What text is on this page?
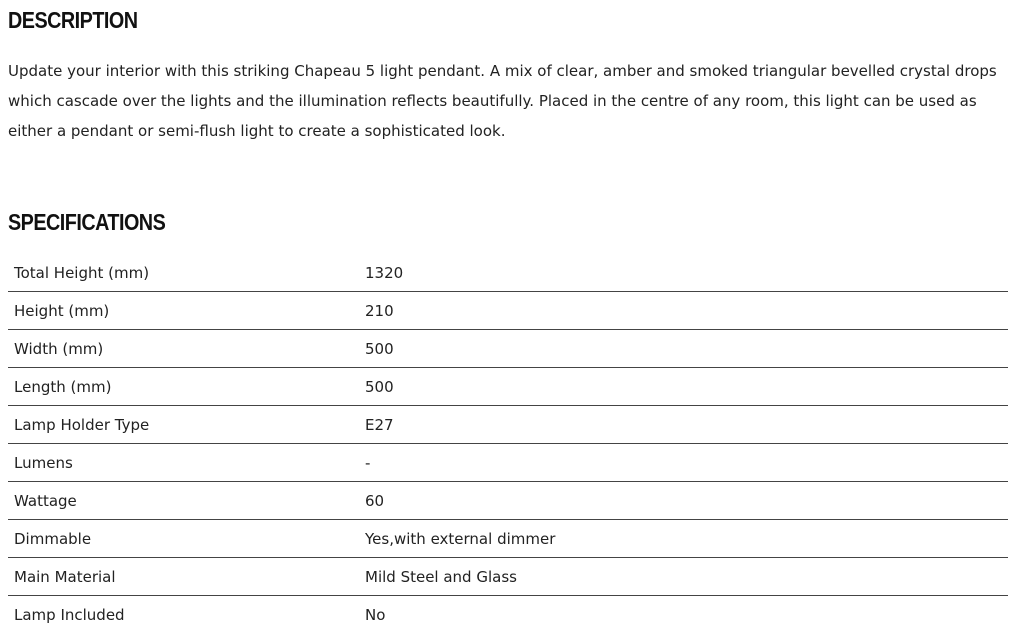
DESCRIPTION

Update your interior with this striking Chapeau 5 light pendant. A mix of clear, amber and smoked triangular bevelled crystal drops which cascade over the lights and the illumination reflects beautifully. Placed in the centre of any room, this light can be used as either a pendant or semi-flush light to create a sophisticated look.

SPECIFICATIONS
Total Height (mm)	1320
Height (mm)	210
Width (mm)	500
Length (mm)	500
Lamp Holder Type	E27
Lumens	-
Wattage	60
Dimmable	Yes,with external dimmer
Main Material	Mild Steel and Glass
Lamp Included	No
